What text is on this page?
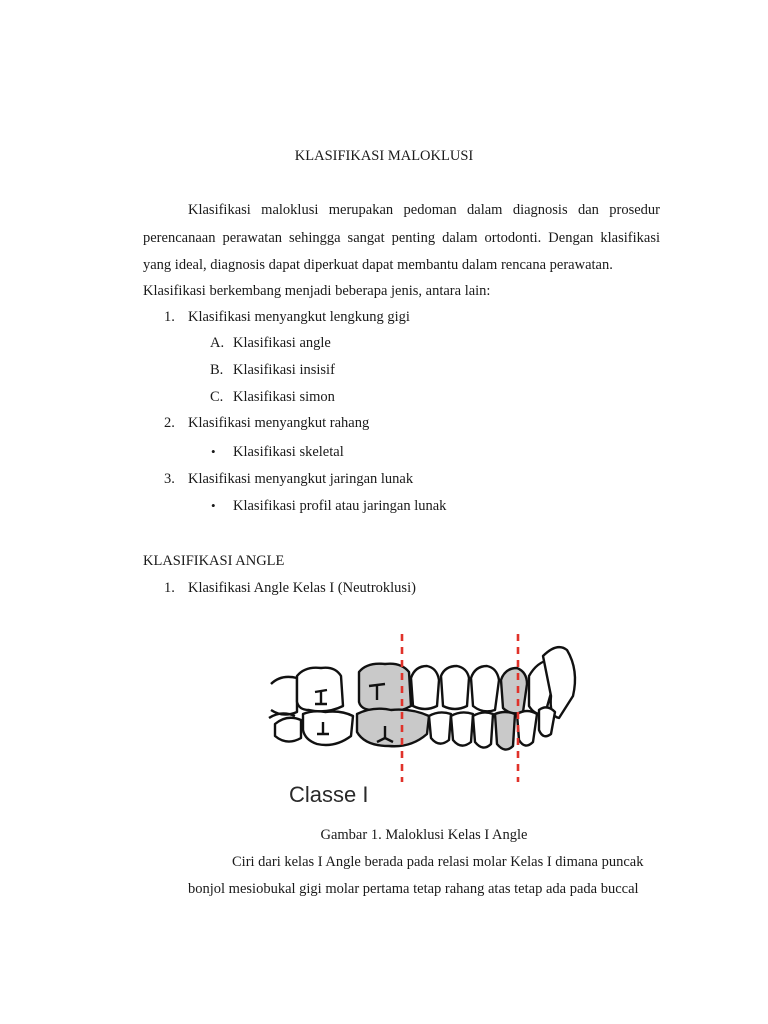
KLASIFIKASI MALOKLUSI
Klasifikasi maloklusi merupakan pedoman dalam diagnosis dan prosedur
perencanaan perawatan sehingga sangat penting dalam ortodonti. Dengan klasifikasi
yang ideal, diagnosis dapat diperkuat dapat membantu dalam rencana perawatan.
Klasifikasi berkembang menjadi beberapa jenis, antara lain:
1. Klasifikasi menyangkut lengkung gigi
A. Klasifikasi angle
B. Klasifikasi insisif
C. Klasifikasi simon
2. Klasifikasi menyangkut rahang
• Klasifikasi skeletal
3. Klasifikasi menyangkut jaringan lunak
• Klasifikasi profil atau jaringan lunak
KLASIFIKASI ANGLE
1. Klasifikasi Angle Kelas I (Neutroklusi)
Classe I
Gambar 1. Maloklusi Kelas I Angle
Ciri dari kelas I Angle berada pada relasi molar Kelas I dimana puncak
bonjol mesiobukal gigi molar pertama tetap rahang atas tetap ada pada buccal
